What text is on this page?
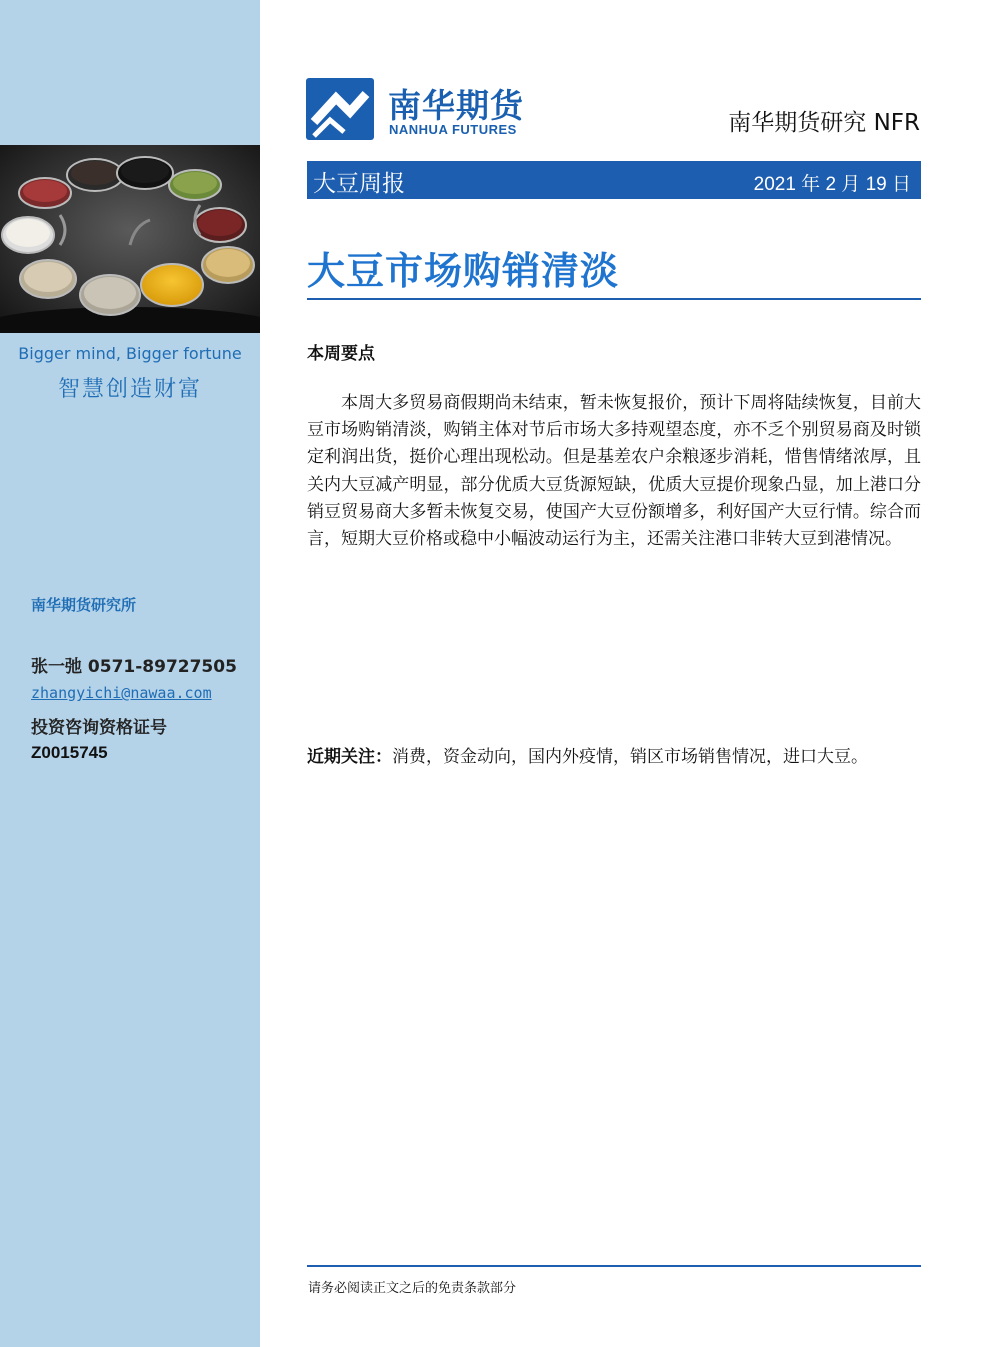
Bigger mind, Bigger fortune
智慧创造财富
南华期货研究所
张一弛 0571-89727505
zhangyichi@nawaa.com
投资咨询资格证号
Z0015745
南华期货
NANHUA FUTURES	南华期货研究 NFR
大豆周报	2021 年 2 月 19 日
大豆市场购销清淡
本周要点

本周大多贸易商假期尚未结束，暂未恢复报价，预计下周将陆续恢复，目前大豆市场购销清淡，购销主体对节后市场大多持观望态度，亦不乏个别贸易商及时锁定利润出货，挺价心理出现松动。但是基差农户余粮逐步消耗，惜售情绪浓厚，且关内大豆减产明显，部分优质大豆货源短缺，优质大豆提价现象凸显，加上港口分销豆贸易商大多暂未恢复交易，使国产大豆份额增多，利好国产大豆行情。综合而言，短期大豆价格或稳中小幅波动运行为主，还需关注港口非转大豆到港情况。

近期关注：消费，资金动向，国内外疫情，销区市场销售情况，进口大豆。

请务必阅读正文之后的免责条款部分
